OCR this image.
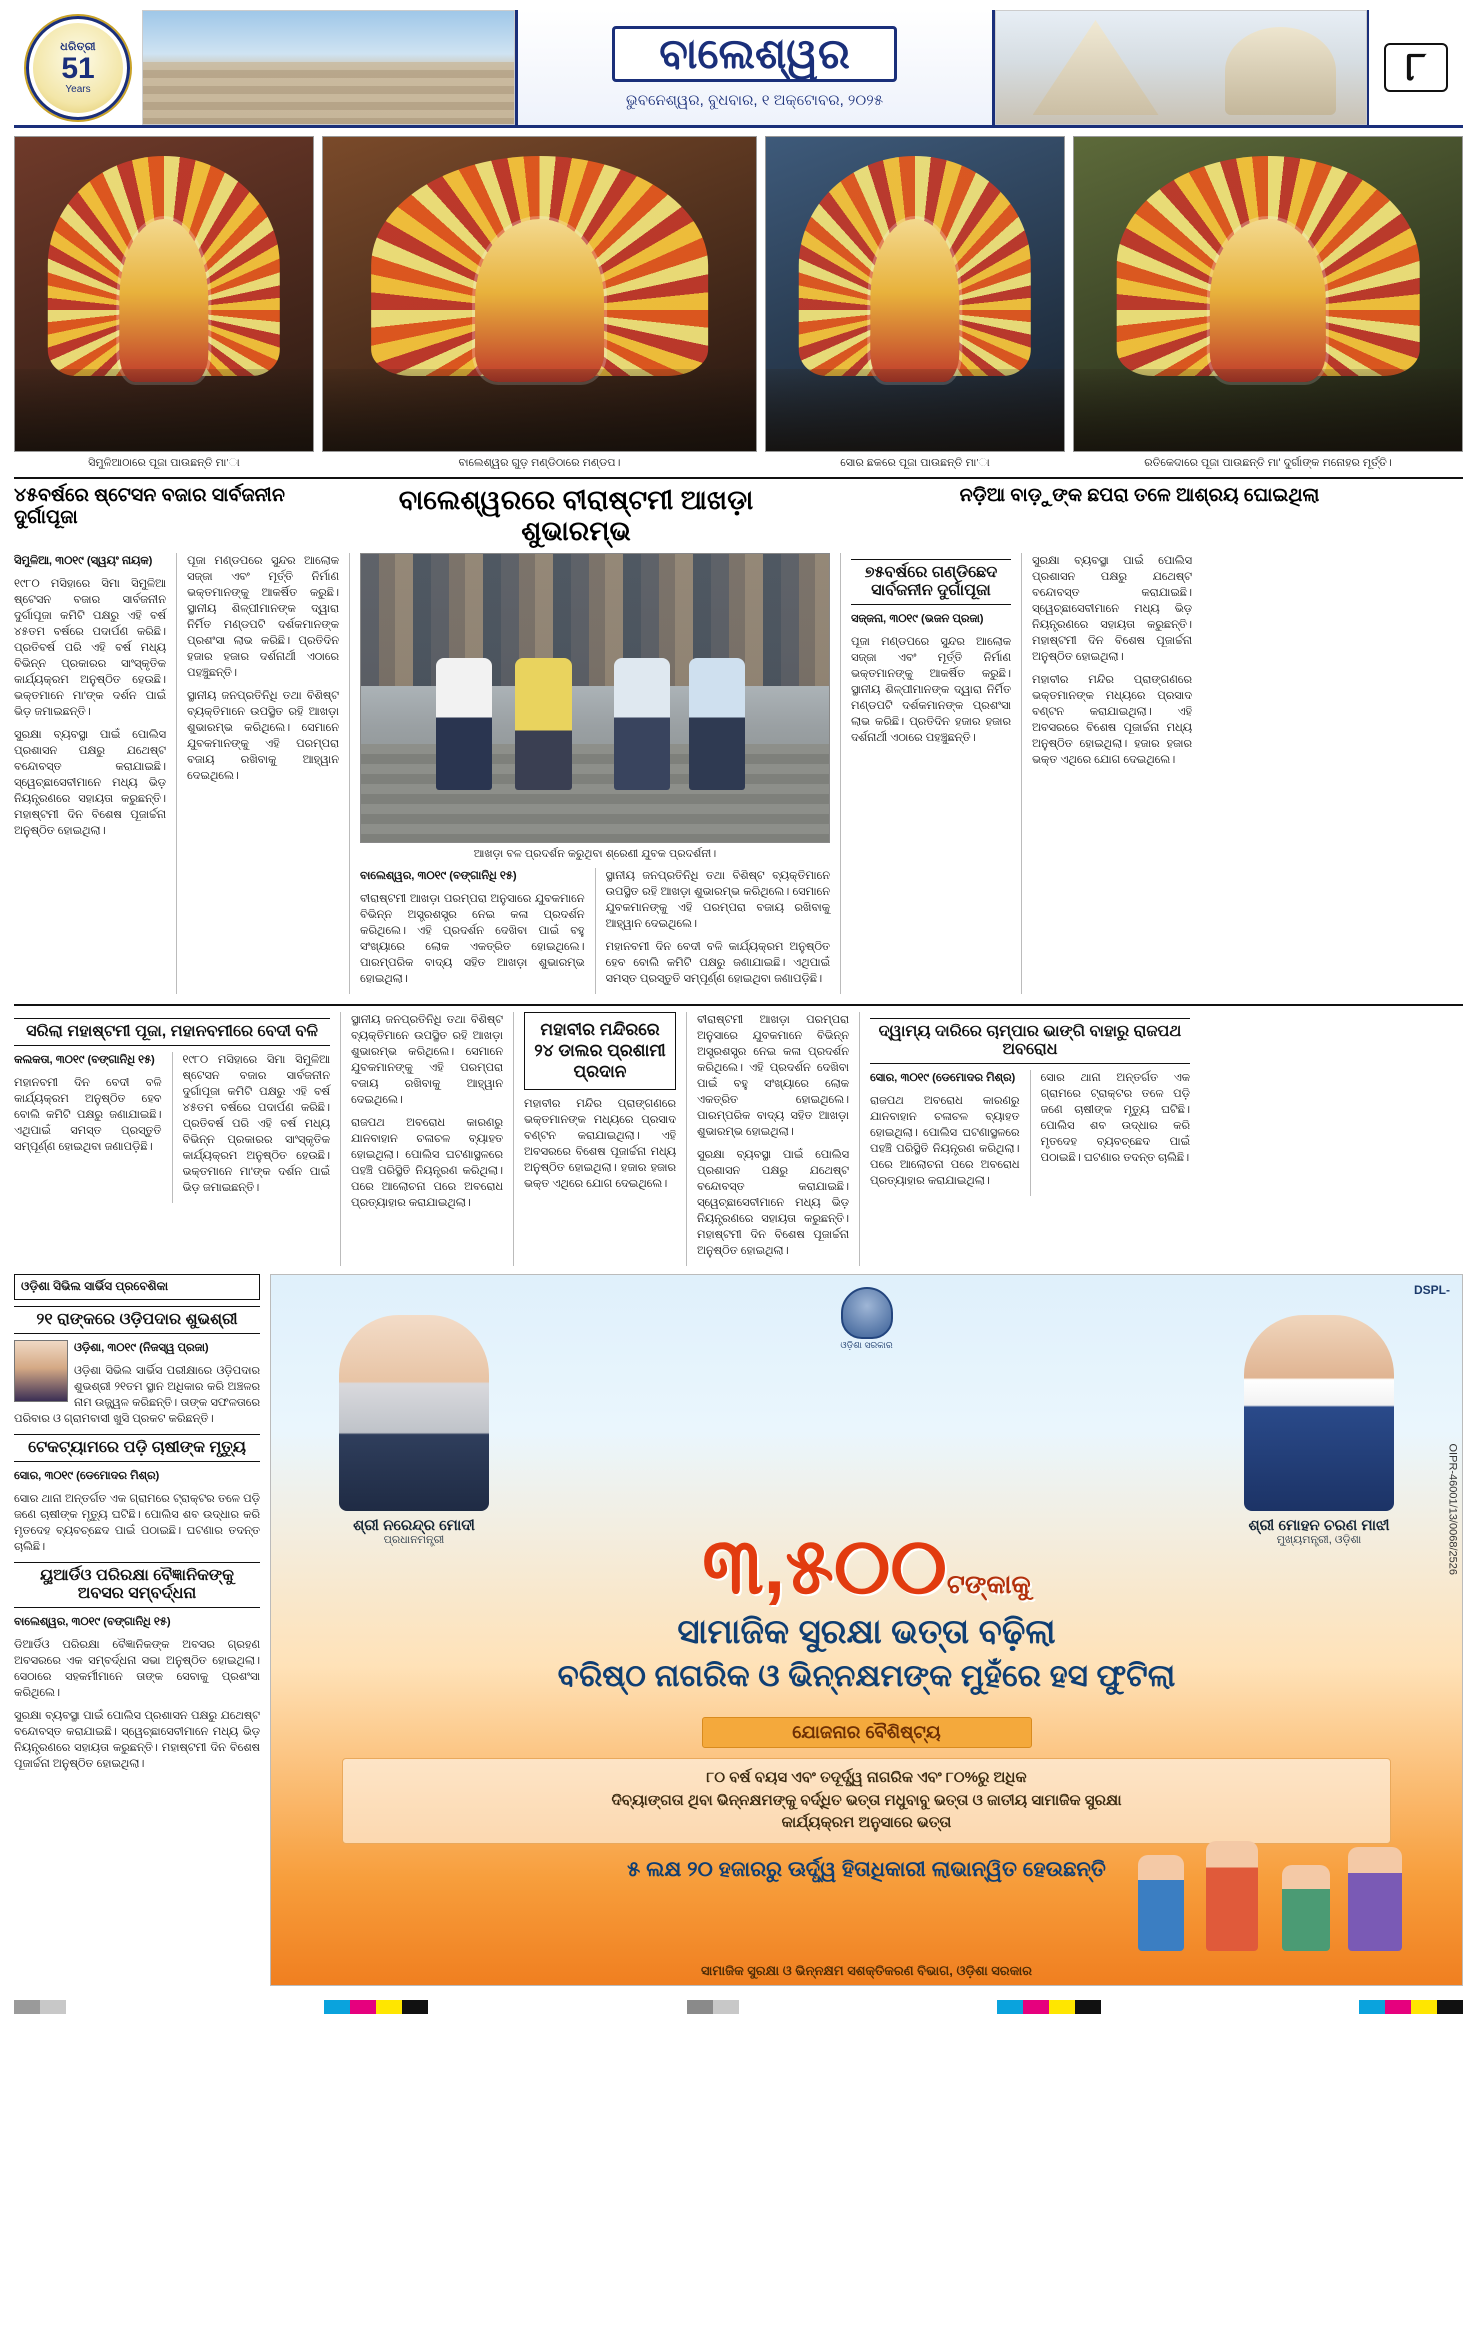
ଧରିତ୍ରୀ
51
Years
ବାଲେଶ୍ୱର
ଭୁବନେଶ୍ୱର, ବୁଧବାର, ୧ ଅକ୍ଟୋବର, ୨୦୨୫
୮
ସିମୁଳିଆଠାରେ ପୂଜା ପାଉଛନ୍ତି ମା'ା	ବାଲେଶ୍ୱର ଗୁଡ଼ ମଣ୍ଡିଠାରେ ମଣ୍ଡପ।	ସୋର ଛକରେ ପୂଜା ପାଉଛନ୍ତି ମା'ା	ରତିକେଦାରେ ପୂଜା ପାଉଛନ୍ତି ମା' ଦୁର୍ଗାଙ୍କ ମନୋହର ମୂର୍ତ୍ତି।
୪୫ବର୍ଷରେ ଷ୍ଟେସନ ବଜାର ସାର୍ବଜନୀନ ଦୁର୍ଗାପୂଜା
ବାଲେଶ୍ୱରରେ ବୀରାଷ୍ଟମୀ ଆଖଡ଼ା ଶୁଭାରମ୍ଭ
ନଡ଼ିଆ ବାଡ଼ୁଙ୍କ ଛପରା ତଳେ ଆଶ୍ରୟ ଘୋଇଥିଲା

ସିମୁଳିଆ, ୩୦୧୯ (ସ୍ୱୟଂ ନାୟକ)

୧୯୮୦ ମସିହାରେ ସିମା ସିମୁଳିଆ ଷ୍ଟେସନ ବଜାର ସାର୍ବଜନୀନ ଦୁର୍ଗାପୂଜା କମିଟି ପକ୍ଷରୁ ଏହି ବର୍ଷ ୪୫ତମ ବର୍ଷରେ ପଦାର୍ପଣ କରିଛି। ପ୍ରତିବର୍ଷ ପରି ଏହି ବର୍ଷ ମଧ୍ୟ ବିଭିନ୍ନ ପ୍ରକାରର ସାଂସ୍କୃତିକ କାର୍ଯ୍ୟକ୍ରମ ଅନୁଷ୍ଠିତ ହେଉଛି। ଭକ୍ତମାନେ ମା'ଙ୍କ ଦର୍ଶନ ପାଇଁ ଭିଡ଼ ଜମାଇଛନ୍ତି।

ସୁରକ୍ଷା ବ୍ୟବସ୍ଥା ପାଇଁ ପୋଲିସ ପ୍ରଶାସନ ପକ୍ଷରୁ ଯଥେଷ୍ଟ ବନ୍ଦୋବସ୍ତ କରାଯାଇଛି। ସ୍ୱେଚ୍ଛାସେବୀମାନେ ମଧ୍ୟ ଭିଡ଼ ନିୟନ୍ତ୍ରଣରେ ସହାୟତା କରୁଛନ୍ତି। ମହାଷ୍ଟମୀ ଦିନ ବିଶେଷ ପୂଜାର୍ଚ୍ଚନା ଅନୁଷ୍ଠିତ ହୋଇଥିଲା।

ପୂଜା ମଣ୍ଡପରେ ସୁନ୍ଦର ଆଲୋକ ସଜ୍ଜା ଏବଂ ମୂର୍ତ୍ତି ନିର୍ମାଣ ଭକ୍ତମାନଙ୍କୁ ଆକର୍ଷିତ କରୁଛି। ସ୍ଥାନୀୟ ଶିଳ୍ପୀମାନଙ୍କ ଦ୍ୱାରା ନିର୍ମିତ ମଣ୍ଡପଟି ଦର୍ଶକମାନଙ୍କ ପ୍ରଶଂସା ଲାଭ କରିଛି। ପ୍ରତିଦିନ ହଜାର ହଜାର ଦର୍ଶନାର୍ଥୀ ଏଠାରେ ପହଞ୍ଚୁଛନ୍ତି।

ସ୍ଥାନୀୟ ଜନପ୍ରତିନିଧି ତଥା ବିଶିଷ୍ଟ ବ୍ୟକ୍ତିମାନେ ଉପସ୍ଥିତ ରହି ଆଖଡ଼ା ଶୁଭାରମ୍ଭ କରିଥିଲେ। ସେମାନେ ଯୁବକମାନଙ୍କୁ ଏହି ପରମ୍ପରା ବଜାୟ ରଖିବାକୁ ଆହ୍ୱାନ ଦେଇଥିଲେ।

ଆଖଡ଼ା ବଳ ପ୍ରଦର୍ଶନ କରୁଥିବା ଶ୍ରେଣୀ ଯୁବକ ପ୍ରଦର୍ଶନୀ।

ବାଲେଶ୍ୱର, ୩୦୧୯ (ବଙ୍ଗାନିଧି ୧୫)

ବୀରାଷ୍ଟମୀ ଆଖଡ଼ା ପରମ୍ପରା ଅନୁସାରେ ଯୁବକମାନେ ବିଭିନ୍ନ ଅସ୍ତ୍ରଶସ୍ତ୍ର ନେଇ କଳା ପ୍ରଦର୍ଶନ କରିଥିଲେ। ଏହି ପ୍ରଦର୍ଶନ ଦେଖିବା ପାଇଁ ବହୁ ସଂଖ୍ୟାରେ ଲୋକ ଏକତ୍ରିତ ହୋଇଥିଲେ। ପାରମ୍ପରିକ ବାଦ୍ୟ ସହିତ ଆଖଡ଼ା ଶୁଭାରମ୍ଭ ହୋଇଥିଲା।

ସ୍ଥାନୀୟ ଜନପ୍ରତିନିଧି ତଥା ବିଶିଷ୍ଟ ବ୍ୟକ୍ତିମାନେ ଉପସ୍ଥିତ ରହି ଆଖଡ଼ା ଶୁଭାରମ୍ଭ କରିଥିଲେ। ସେମାନେ ଯୁବକମାନଙ୍କୁ ଏହି ପରମ୍ପରା ବଜାୟ ରଖିବାକୁ ଆହ୍ୱାନ ଦେଇଥିଲେ।

ମହାନବମୀ ଦିନ ବେଦୀ ବଳି କାର୍ଯ୍ୟକ୍ରମ ଅନୁଷ୍ଠିତ ହେବ ବୋଲି କମିଟି ପକ୍ଷରୁ ଜଣାଯାଇଛି। ଏଥିପାଇଁ ସମସ୍ତ ପ୍ରସ୍ତୁତି ସମ୍ପୂର୍ଣ୍ଣ ହୋଇଥିବା ଜଣାପଡ଼ିଛି।

୭୫ବର୍ଷରେ ଗଣ୍ଡିଛେଦ ସାର୍ବଜନୀନ ଦୁର୍ଗାପୂଜା

ସଜ୍ଜନା, ୩୦୧୯ (ଭଜନ ପ୍ରଜା)

ପୂଜା ମଣ୍ଡପରେ ସୁନ୍ଦର ଆଲୋକ ସଜ୍ଜା ଏବଂ ମୂର୍ତ୍ତି ନିର୍ମାଣ ଭକ୍ତମାନଙ୍କୁ ଆକର୍ଷିତ କରୁଛି। ସ୍ଥାନୀୟ ଶିଳ୍ପୀମାନଙ୍କ ଦ୍ୱାରା ନିର୍ମିତ ମଣ୍ଡପଟି ଦର୍ଶକମାନଙ୍କ ପ୍ରଶଂସା ଲାଭ କରିଛି। ପ୍ରତିଦିନ ହଜାର ହଜାର ଦର୍ଶନାର୍ଥୀ ଏଠାରେ ପହଞ୍ଚୁଛନ୍ତି।

ସୁରକ୍ଷା ବ୍ୟବସ୍ଥା ପାଇଁ ପୋଲିସ ପ୍ରଶାସନ ପକ୍ଷରୁ ଯଥେଷ୍ଟ ବନ୍ଦୋବସ୍ତ କରାଯାଇଛି। ସ୍ୱେଚ୍ଛାସେବୀମାନେ ମଧ୍ୟ ଭିଡ଼ ନିୟନ୍ତ୍ରଣରେ ସହାୟତା କରୁଛନ୍ତି। ମହାଷ୍ଟମୀ ଦିନ ବିଶେଷ ପୂଜାର୍ଚ୍ଚନା ଅନୁଷ୍ଠିତ ହୋଇଥିଲା।

ମହାବୀର ମନ୍ଦିର ପ୍ରାଙ୍ଗଣରେ ଭକ୍ତମାନଙ୍କ ମଧ୍ୟରେ ପ୍ରସାଦ ବଣ୍ଟନ କରାଯାଇଥିଲା। ଏହି ଅବସରରେ ବିଶେଷ ପୂଜାର୍ଚ୍ଚନା ମଧ୍ୟ ଅନୁଷ୍ଠିତ ହୋଇଥିଲା। ହଜାର ହଜାର ଭକ୍ତ ଏଥିରେ ଯୋଗ ଦେଇଥିଲେ।

ସରିଲା ମହାଷ୍ଟମୀ ପୂଜା, ମହାନବମୀରେ ବେଦୀ ବଳି

କଲକତା, ୩୦୧୯ (ବଙ୍ଗାନିଧି ୧୫)

ମହାନବମୀ ଦିନ ବେଦୀ ବଳି କାର୍ଯ୍ୟକ୍ରମ ଅନୁଷ୍ଠିତ ହେବ ବୋଲି କମିଟି ପକ୍ଷରୁ ଜଣାଯାଇଛି। ଏଥିପାଇଁ ସମସ୍ତ ପ୍ରସ୍ତୁତି ସମ୍ପୂର୍ଣ୍ଣ ହୋଇଥିବା ଜଣାପଡ଼ିଛି।

୧୯୮୦ ମସିହାରେ ସିମା ସିମୁଳିଆ ଷ୍ଟେସନ ବଜାର ସାର୍ବଜନୀନ ଦୁର୍ଗାପୂଜା କମିଟି ପକ୍ଷରୁ ଏହି ବର୍ଷ ୪୫ତମ ବର୍ଷରେ ପଦାର୍ପଣ କରିଛି। ପ୍ରତିବର୍ଷ ପରି ଏହି ବର୍ଷ ମଧ୍ୟ ବିଭିନ୍ନ ପ୍ରକାରର ସାଂସ୍କୃତିକ କାର୍ଯ୍ୟକ୍ରମ ଅନୁଷ୍ଠିତ ହେଉଛି। ଭକ୍ତମାନେ ମା'ଙ୍କ ଦର୍ଶନ ପାଇଁ ଭିଡ଼ ଜମାଇଛନ୍ତି।

ସ୍ଥାନୀୟ ଜନପ୍ରତିନିଧି ତଥା ବିଶିଷ୍ଟ ବ୍ୟକ୍ତିମାନେ ଉପସ୍ଥିତ ରହି ଆଖଡ଼ା ଶୁଭାରମ୍ଭ କରିଥିଲେ। ସେମାନେ ଯୁବକମାନଙ୍କୁ ଏହି ପରମ୍ପରା ବଜାୟ ରଖିବାକୁ ଆହ୍ୱାନ ଦେଇଥିଲେ।

ରାଜପଥ ଅବରୋଧ କାରଣରୁ ଯାନବାହାନ ଚଳାଚଳ ବ୍ୟାହତ ହୋଇଥିଲା। ପୋଲିସ ଘଟଣାସ୍ଥଳରେ ପହଞ୍ଚି ପରିସ୍ଥିତି ନିୟନ୍ତ୍ରଣ କରିଥିଲା। ପରେ ଆଲୋଚନା ପରେ ଅବରୋଧ ପ୍ରତ୍ୟାହାର କରାଯାଇଥିଲା।

ମହାବୀର ମନ୍ଦିରରେ ୨୪ ଡାଲର ପ୍ରଶାମୀ ପ୍ରଦାନ

ମହାବୀର ମନ୍ଦିର ପ୍ରାଙ୍ଗଣରେ ଭକ୍ତମାନଙ୍କ ମଧ୍ୟରେ ପ୍ରସାଦ ବଣ୍ଟନ କରାଯାଇଥିଲା। ଏହି ଅବସରରେ ବିଶେଷ ପୂଜାର୍ଚ୍ଚନା ମଧ୍ୟ ଅନୁଷ୍ଠିତ ହୋଇଥିଲା। ହଜାର ହଜାର ଭକ୍ତ ଏଥିରେ ଯୋଗ ଦେଇଥିଲେ।

ବୀରାଷ୍ଟମୀ ଆଖଡ଼ା ପରମ୍ପରା ଅନୁସାରେ ଯୁବକମାନେ ବିଭିନ୍ନ ଅସ୍ତ୍ରଶସ୍ତ୍ର ନେଇ କଳା ପ୍ରଦର୍ଶନ କରିଥିଲେ। ଏହି ପ୍ରଦର୍ଶନ ଦେଖିବା ପାଇଁ ବହୁ ସଂଖ୍ୟାରେ ଲୋକ ଏକତ୍ରିତ ହୋଇଥିଲେ। ପାରମ୍ପରିକ ବାଦ୍ୟ ସହିତ ଆଖଡ଼ା ଶୁଭାରମ୍ଭ ହୋଇଥିଲା।

ସୁରକ୍ଷା ବ୍ୟବସ୍ଥା ପାଇଁ ପୋଲିସ ପ୍ରଶାସନ ପକ୍ଷରୁ ଯଥେଷ୍ଟ ବନ୍ଦୋବସ୍ତ କରାଯାଇଛି। ସ୍ୱେଚ୍ଛାସେବୀମାନେ ମଧ୍ୟ ଭିଡ଼ ନିୟନ୍ତ୍ରଣରେ ସହାୟତା କରୁଛନ୍ତି। ମହାଷ୍ଟମୀ ଦିନ ବିଶେଷ ପୂଜାର୍ଚ୍ଚନା ଅନୁଷ୍ଠିତ ହୋଇଥିଲା।

ଦ୍ୱାମ୍ୟ ଦାରିରେ ଚାମ୍ପାର ଭାଙ୍ଗି ବାହାରୁ ରାଜପଥ ଅବରୋଧ

ସୋର, ୩୦୧୯ (ଡେମୋଦର ମିଶ୍ର)

ରାଜପଥ ଅବରୋଧ କାରଣରୁ ଯାନବାହାନ ଚଳାଚଳ ବ୍ୟାହତ ହୋଇଥିଲା। ପୋଲିସ ଘଟଣାସ୍ଥଳରେ ପହଞ୍ଚି ପରିସ୍ଥିତି ନିୟନ୍ତ୍ରଣ କରିଥିଲା। ପରେ ଆଲୋଚନା ପରେ ଅବରୋଧ ପ୍ରତ୍ୟାହାର କରାଯାଇଥିଲା।

ସୋର ଥାନା ଅନ୍ତର୍ଗତ ଏକ ଗ୍ରାମରେ ଟ୍ରାକ୍ଟର ତଳେ ପଡ଼ି ଜଣେ ଚାଷୀଙ୍କ ମୃତ୍ୟୁ ଘଟିଛି। ପୋଲିସ ଶବ ଉଦ୍ଧାର କରି ମୃତଦେହ ବ୍ୟବଚ୍ଛେଦ ପାଇଁ ପଠାଇଛି। ଘଟଣାର ତଦନ୍ତ ଚାଲିଛି।

ଓଡ଼ିଶା ସିଭିଲ ସାର୍ଭିସ ପ୍ରବେଶିକା
୨୧ ରାଙ୍କରେ ଓଡ଼ିପଦାର ଶୁଭଶ୍ରୀ

ଓଡ଼ିଶା, ୩୦୧୯ (ନିଜସ୍ୱ ପ୍ରଜା)

ଓଡ଼ିଶା ସିଭିଲ ସାର୍ଭିସ ପରୀକ୍ଷାରେ ଓଡ଼ିପଦାର ଶୁଭଶ୍ରୀ ୨୧ତମ ସ୍ଥାନ ଅଧିକାର କରି ଅଞ୍ଚଳର ନାମ ଉଜ୍ଜ୍ୱଳ କରିଛନ୍ତି। ତାଙ୍କ ସଫଳତାରେ ପରିବାର ଓ ଗ୍ରାମବାସୀ ଖୁସି ପ୍ରକଟ କରିଛନ୍ତି।

ଟେକଟ୍ୟାମରେ ପଡ଼ି ଚାଷୀଙ୍କ ମୃତ୍ୟୁ

ସୋର, ୩୦୧୯ (ଡେମୋଦର ମିଶ୍ର)

ସୋର ଥାନା ଅନ୍ତର୍ଗତ ଏକ ଗ୍ରାମରେ ଟ୍ରାକ୍ଟର ତଳେ ପଡ଼ି ଜଣେ ଚାଷୀଙ୍କ ମୃତ୍ୟୁ ଘଟିଛି। ପୋଲିସ ଶବ ଉଦ୍ଧାର କରି ମୃତଦେହ ବ୍ୟବଚ୍ଛେଦ ପାଇଁ ପଠାଇଛି। ଘଟଣାର ତଦନ୍ତ ଚାଲିଛି।

ୟୁଆର୍ଡିଓ ପରିରକ୍ଷା ବୈଜ୍ଞାନିକଙ୍କୁ ଅବସର ସମ୍ବର୍ଦ୍ଧନା

ବାଲେଶ୍ୱର, ୩୦୧୯ (ବଙ୍ଗାନିଧି ୧୫)

ଡିଆର୍ଡିଓ ପରିରକ୍ଷା ବୈଜ୍ଞାନିକଙ୍କ ଅବସର ଗ୍ରହଣ ଅବସରରେ ଏକ ସମ୍ବର୍ଦ୍ଧନା ସଭା ଅନୁଷ୍ଠିତ ହୋଇଥିଲା। ସେଠାରେ ସହକର୍ମୀମାନେ ତାଙ୍କ ସେବାକୁ ପ୍ରଶଂସା କରିଥିଲେ।

ସୁରକ୍ଷା ବ୍ୟବସ୍ଥା ପାଇଁ ପୋଲିସ ପ୍ରଶାସନ ପକ୍ଷରୁ ଯଥେଷ୍ଟ ବନ୍ଦୋବସ୍ତ କରାଯାଇଛି। ସ୍ୱେଚ୍ଛାସେବୀମାନେ ମଧ୍ୟ ଭିଡ଼ ନିୟନ୍ତ୍ରଣରେ ସହାୟତା କରୁଛନ୍ତି। ମହାଷ୍ଟମୀ ଦିନ ବିଶେଷ ପୂଜାର୍ଚ୍ଚନା ଅନୁଷ୍ଠିତ ହୋଇଥିଲା।

DSPL-
OIPR-46001/13/0068/2526
ଓଡ଼ିଶା ସରକାର
ଶ୍ରୀ ନରେନ୍ଦ୍ର ମୋଦୀ
ପ୍ରଧାନମନ୍ତ୍ରୀ
ଶ୍ରୀ ମୋହନ ଚରଣ ମାଝୀ
ମୁଖ୍ୟମନ୍ତ୍ରୀ, ଓଡ଼ିଶା
୩,୫୦୦ଟଙ୍କାକୁ
ସାମାଜିକ ସୁରକ୍ଷା ଭତ୍ତା ବଢ଼ିଲା
ବରିଷ୍ଠ ନାଗରିକ ଓ ଭିନ୍ନକ୍ଷମଙ୍କ ମୁହଁରେ ହସ ଫୁଟିଲା
ଯୋଜନାର ବୈଶିଷ୍ଟ୍ୟ
୮୦ ବର୍ଷ ବୟସ ଏବଂ ତଦୂର୍ଦ୍ଧ୍ୱ ନାଗରିକ ଏବଂ ୮୦%ରୁ ଅଧିକ
ଦିବ୍ୟାଙ୍ଗତା ଥିବା ଭିନ୍ନକ୍ଷମଙ୍କୁ ବର୍ଦ୍ଧିତ ଭତ୍ତା ମଧୁବାବୁ ଭତ୍ତା ଓ ଜାତୀୟ ସାମାଜିକ ସୁରକ୍ଷା
କାର୍ଯ୍ୟକ୍ରମ ଅନୁସାରେ ଭତ୍ତା
୫ ଲକ୍ଷ ୨୦ ହଜାରରୁ ଊର୍ଦ୍ଧ୍ୱ ହିତାଧିକାରୀ ଲାଭାନ୍ୱିତ ହେଉଛନ୍ତି
ସାମାଜିକ ସୁରକ୍ଷା ଓ ଭିନ୍ନକ୍ଷମ ସଶକ୍ତିକରଣ ବିଭାଗ, ଓଡ଼ିଶା ସରକାର
